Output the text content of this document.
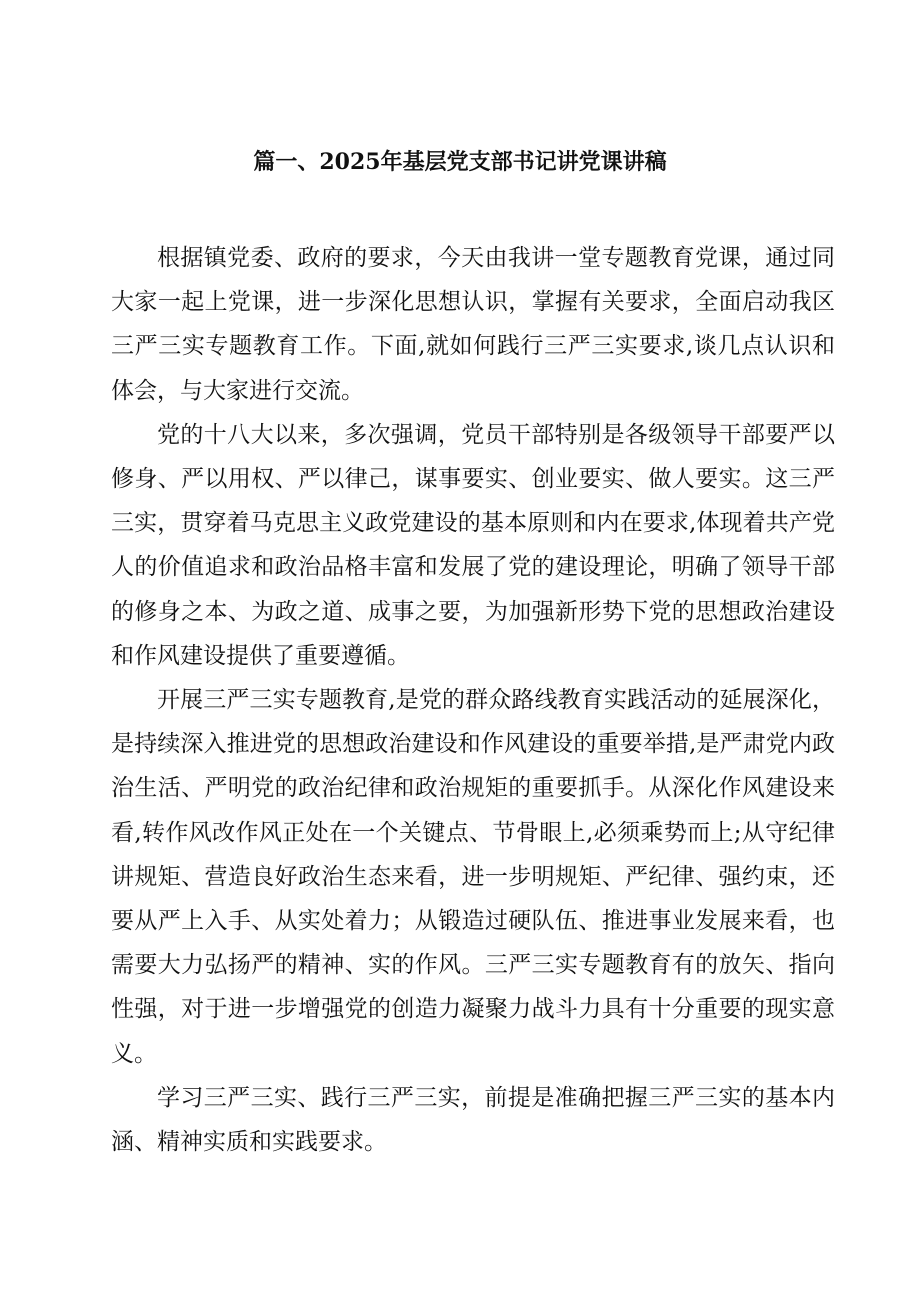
篇一、2025年基层党支部书记讲党课讲稿

根据镇党委、政府的要求，今天由我讲一堂专题教育党课，通过同大家一起上党课，进一步深化思想认识，掌握有关要求，全面启动我区三严三实专题教育工作。下面,就如何践行三严三实要求,谈几点认识和体会，与大家进行交流。

党的十八大以来，多次强调，党员干部特别是各级领导干部要严以修身、严以用权、严以律己，谋事要实、创业要实、做人要实。这三严三实，贯穿着马克思主义政党建设的基本原则和内在要求,体现着共产党人的价值追求和政治品格丰富和发展了党的建设理论，明确了领导干部的修身之本、为政之道、成事之要，为加强新形势下党的思想政治建设和作风建设提供了重要遵循。

开展三严三实专题教育,是党的群众路线教育实践活动的延展深化，是持续深入推进党的思想政治建设和作风建设的重要举措,是严肃党内政治生活、严明党的政治纪律和政治规矩的重要抓手。从深化作风建设来看,转作风改作风正处在一个关键点、节骨眼上,必须乘势而上;从守纪律讲规矩、营造良好政治生态来看，进一步明规矩、严纪律、强约束，还要从严上入手、从实处着力；从锻造过硬队伍、推进事业发展来看，也需要大力弘扬严的精神、实的作风。三严三实专题教育有的放矢、指向性强，对于进一步增强党的创造力凝聚力战斗力具有十分重要的现实意义。

学习三严三实、践行三严三实，前提是准确把握三严三实的基本内涵、精神实质和实践要求。
